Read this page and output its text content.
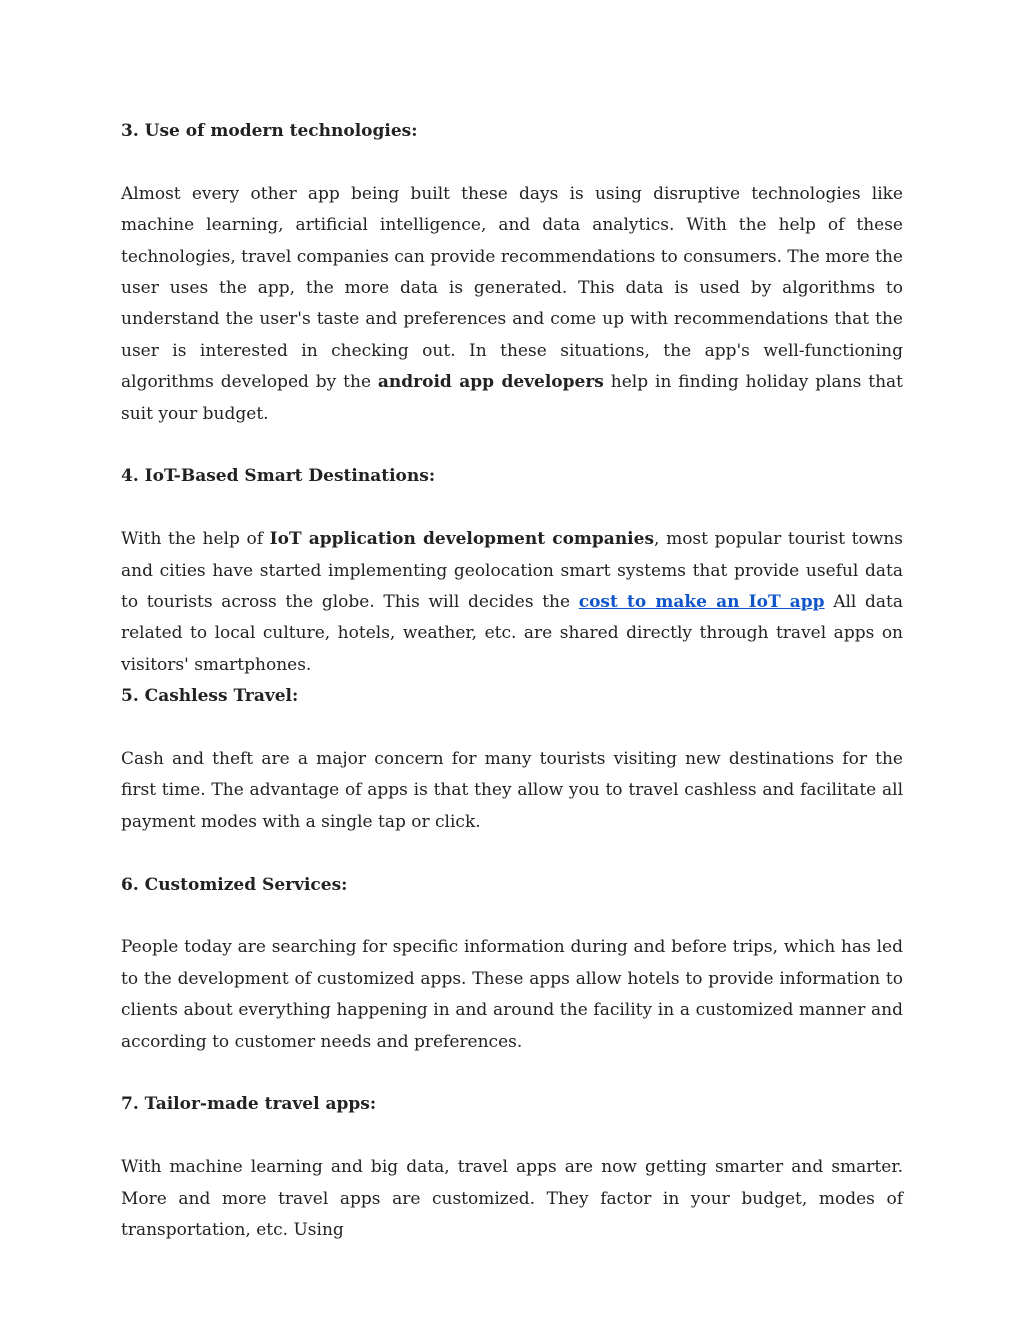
3. Use of modern technologies:

Almost every other app being built these days is using disruptive technologies like machine learning, artificial intelligence, and data analytics. With the help of these technologies, travel companies can provide recommendations to consumers. The more the user uses the app, the more data is generated. This data is used by algorithms to understand the user's taste and preferences and come up with recommendations that the user is interested in checking out. In these situations, the app's well-functioning algorithms developed by the android app developers help in finding holiday plans that suit your budget.

4. IoT-Based Smart Destinations:

With the help of IoT application development companies, most popular tourist towns and cities have started implementing geolocation smart systems that provide useful data to tourists across the globe. This will decides the cost to make an IoT app All data related to local culture, hotels, weather, etc. are shared directly through travel apps on visitors' smartphones.

5. Cashless Travel:

Cash and theft are a major concern for many tourists visiting new destinations for the first time. The advantage of apps is that they allow you to travel cashless and facilitate all payment modes with a single tap or click.

6. Customized Services:

People today are searching for specific information during and before trips, which has led to the development of customized apps. These apps allow hotels to provide information to clients about everything happening in and around the facility in a customized manner and according to customer needs and preferences.

7. Tailor-made travel apps:

With machine learning and big data, travel apps are now getting smarter and smarter. More and more travel apps are customized. They factor in your budget, modes of transportation, etc. Using
